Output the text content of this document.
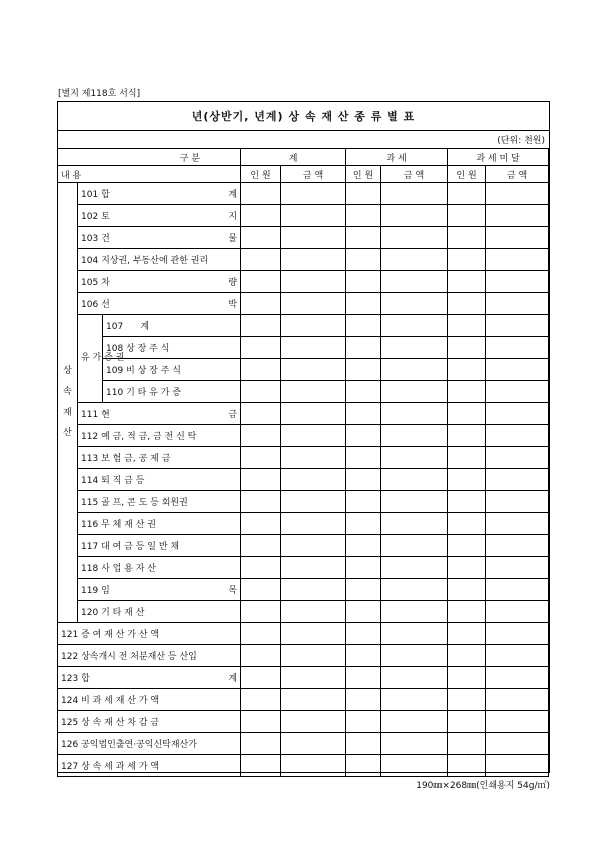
[별지 제118호 서식]
년(상반기, 년계) 상 속 재 산 종 류 별 표
(단위: 천원)
구 분			계		과 세		과 세 미 달	
내 용			인 원	금 액	인 원	금 액	인 원	금 액

상
속
재
산	101 합 계							

	102 토 지							

	103 건 물							

	104 지상권, 부동산에 관한 권리							

	105 차 량							

	106 선 박							

	유 가 증 권	107 계						
		108 상 장 주 식						
		109 비 상 장 주 식						
		110 기 타 유 가 증						

	111 현 금							

	112 예 금, 적 금, 금 전 신 탁							
	113 보 험 금, 공 제 금							
	114 퇴 직 금 등							
	115 골 프, 콘 도 등 회원권							
	116 무 체 재 산 권							
	117 대 여 금 등 일 반 채							
	118 사 업 용 자 산							

	119 임 목							

	120 기 타 재 산							
121 증 여 재 산 가 산 액								
122 상속개시 전 처분재산 등 산입								

123 합 계								

124 비 과 세 재 산 가 액								
125 상 속 재 산 차 감 금								
126 공익법인출연·공익신탁재산가								
127 상 속 세 과 세 가 액								
190㎜×268㎜(인쇄용지 54g/㎡)
